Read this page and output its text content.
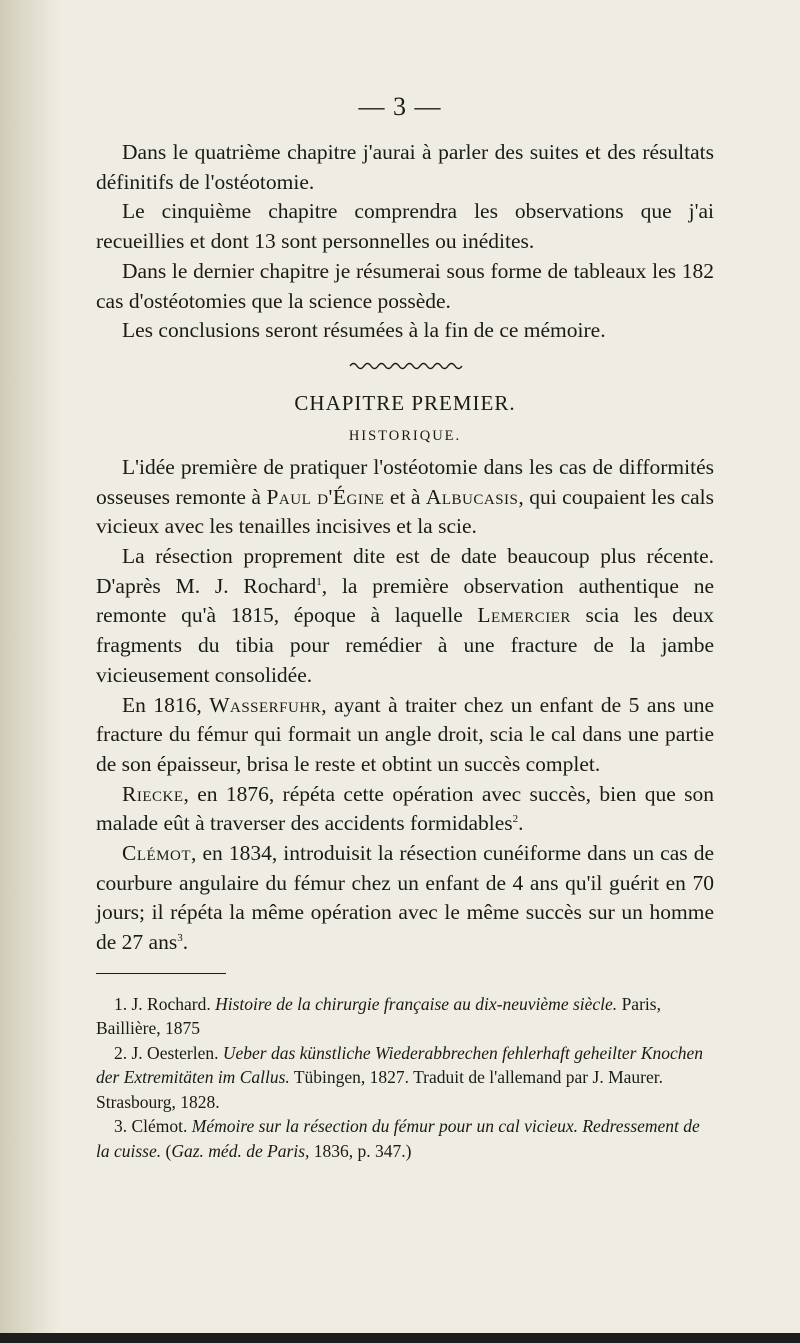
— 3 —

Dans le quatrième chapitre j'aurai à parler des suites et des résultats définitifs de l'ostéotomie.

Le cinquième chapitre comprendra les observations que j'ai recueillies et dont 13 sont personnelles ou inédites.

Dans le dernier chapitre je résumerai sous forme de tableaux les 182 cas d'ostéotomies que la science possède.

Les conclusions seront résumées à la fin de ce mémoire.

CHAPITRE PREMIER.
HISTORIQUE.

L'idée première de pratiquer l'ostéotomie dans les cas de difformités osseuses remonte à Paul d'Égine et à Albucasis, qui coupaient les cals vicieux avec les tenailles incisives et la scie.

La résection proprement dite est de date beaucoup plus récente. D'après M. J. Rochard$^1$, la première observation authentique ne remonte qu'à 1815, époque à laquelle Lemercier scia les deux fragments du tibia pour remédier à une fracture de la jambe vicieusement consolidée.

En 1816, Wasserfuhr, ayant à traiter chez un enfant de 5 ans une fracture du fémur qui formait un angle droit, scia le cal dans une partie de son épaisseur, brisa le reste et obtint un succès complet.

Riecke, en 1876, répéta cette opération avec succès, bien que son malade eût à traverser des accidents formidables$^2$.

Clémot, en 1834, introduisit la résection cunéiforme dans un cas de courbure angulaire du fémur chez un enfant de 4 ans qu'il guérit en 70 jours; il répéta la même opération avec le même succès sur un homme de 27 ans$^3$.

1. J. Rochard. Histoire de la chirurgie française au dix-neuvième siècle. Paris, Baillière, 1875

2. J. Oesterlen. Ueber das künstliche Wiederabbrechen fehlerhaft geheilter Knochen der Extremitäten im Callus. Tübingen, 1827. Traduit de l'allemand par J. Maurer. Strasbourg, 1828.

3. Clémot. Mémoire sur la résection du fémur pour un cal vicieux. Redressement de la cuisse. (Gaz. méd. de Paris, 1836, p. 347.)
